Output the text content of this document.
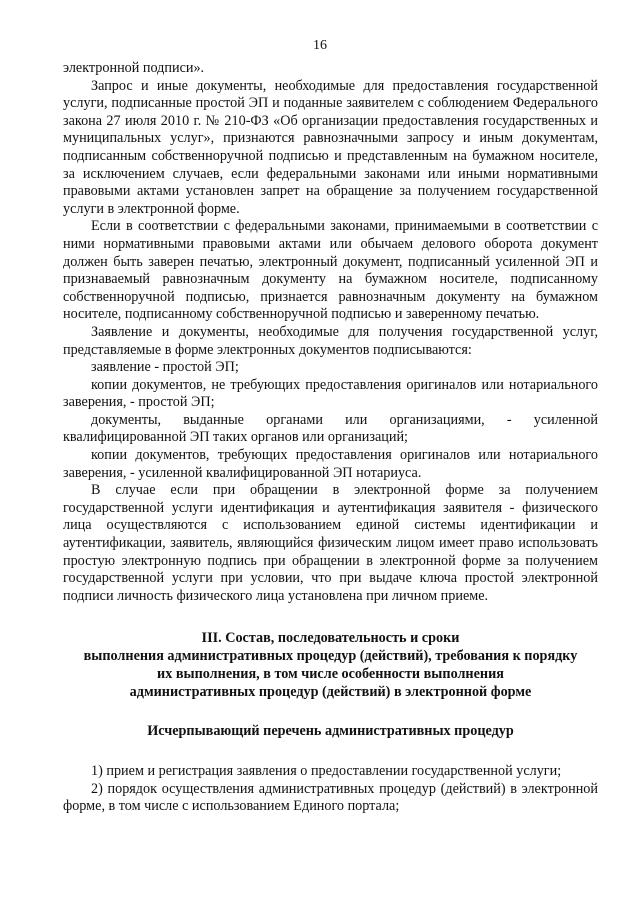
16

электронной подписи».

Запрос и иные документы, необходимые для предоставления государственной услуги, подписанные простой ЭП и поданные заявителем с соблюдением Федерального закона 27 июля 2010 г. № 210-ФЗ «Об организации предоставления государственных и муниципальных услуг», признаются равнозначными запросу и иным документам, подписанным собственноручной подписью и представленным на бумажном носителе, за исключением случаев, если федеральными законами или иными нормативными правовыми актами установлен запрет на обращение за получением государственной услуги в электронной форме.

Если в соответствии с федеральными законами, принимаемыми в соответствии с ними нормативными правовыми актами или обычаем делового оборота документ должен быть заверен печатью, электронный документ, подписанный усиленной ЭП и признаваемый равнозначным документу на бумажном носителе, подписанному собственноручной подписью, признается равнозначным документу на бумажном носителе, подписанному собственноручной подписью и заверенному печатью.

Заявление и документы, необходимые для получения государственной услуг, представляемые в форме электронных документов подписываются:

заявление - простой ЭП;

копии документов, не требующих предоставления оригиналов или нотариального заверения, - простой ЭП;

документы, выданные органами или организациями, - усиленной квалифицированной ЭП таких органов или организаций;

копии документов, требующих предоставления оригиналов или нотариального заверения, - усиленной квалифицированной ЭП нотариуса.

В случае если при обращении в электронной форме за получением государственной услуги идентификация и аутентификация заявителя - физического лица осуществляются с использованием единой системы идентификации и аутентификации, заявитель, являющийся физическим лицом имеет право использовать простую электронную подпись при обращении в электронной форме за получением государственной услуги при условии, что при выдаче ключа простой электронной подписи личность физического лица установлена при личном приеме.

III. Состав, последовательность и сроки
выполнения административных процедур (действий), требования к порядку
их выполнения, в том числе особенности выполнения
административных процедур (действий) в электронной форме

Исчерпывающий перечень административных процедур

1) прием и регистрация заявления о предоставлении государственной услуги;

2) порядок осуществления административных процедур (действий) в электронной форме, в том числе с использованием Единого портала;
